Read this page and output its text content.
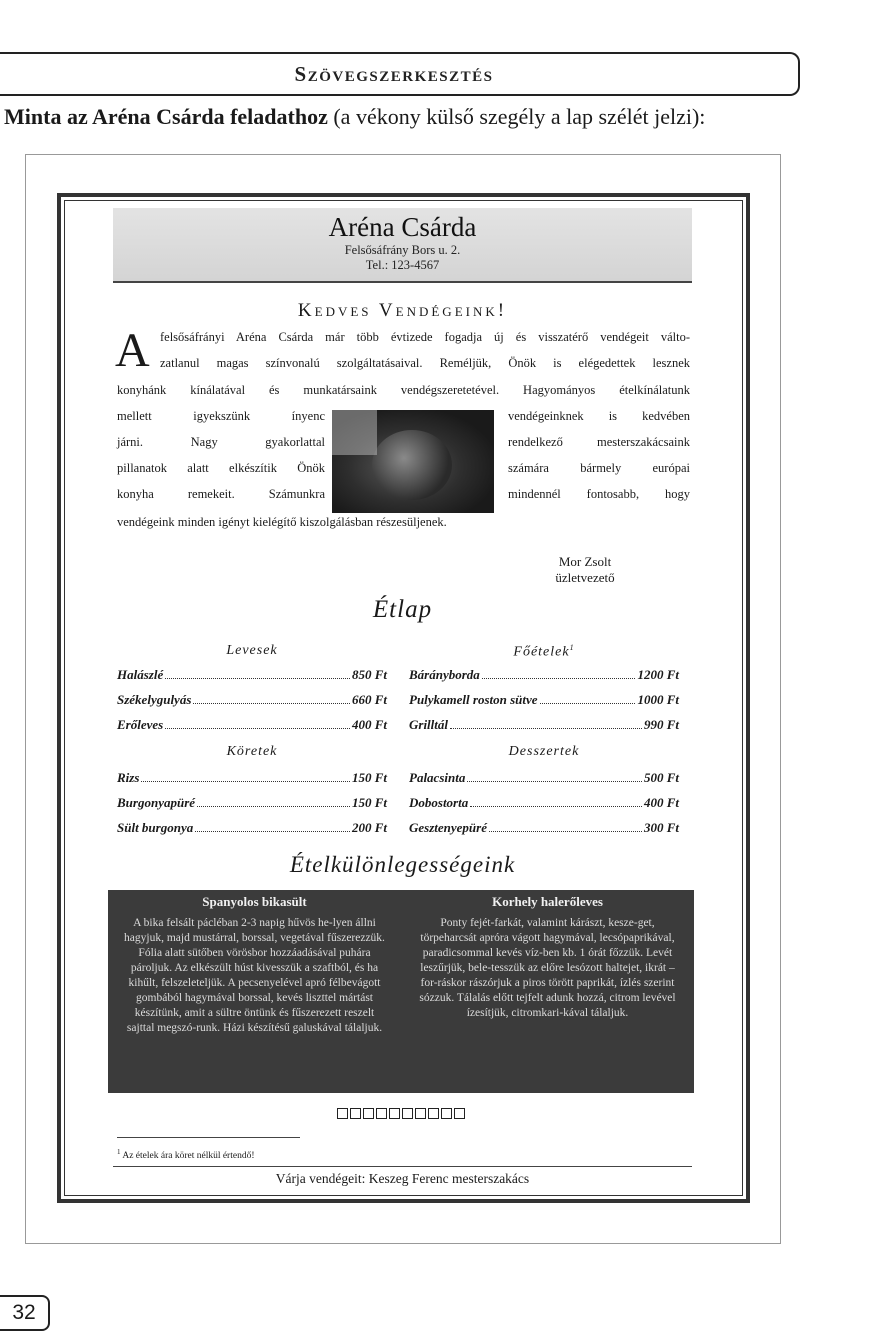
Szövegszerkesztés
Minta az Aréna Csárda feladathoz (a vékony külső szegély a lap szélét jelzi):
Aréna Csárda
Felsősáfrány Bors u. 2.
Tel.: 123-4567
Kedves Vendégeink!
A felsősáfrányi Aréna Csárda már több évtizede fogadja új és visszatérő vendégeit válto-
zatlanul magas színvonalú szolgáltatásaival. Reméljük, Önök is elégedettek lesznek
konyhánk kínálatával és munkatársaink vendégszeretetével. Hagyományos ételkínálatunk
mellett igyekszünk ínyenc
járni. Nagy gyakorlattal
pillanatok alatt elkészítik Önök
konyha remekeit. Számunkra
vendégeinknek is kedvében
rendelkező mesterszakácsaink
számára bármely európai
mindennél fontosabb, hogy
vendégeink minden igényt kielégítő kiszolgálásban részesüljenek.
Mor Zsolt
üzletvezető
Étlap
Levesek	Főételek$^1$
Halászlé	850 Ft
Székelygulyás	660 Ft
Erőleves	400 Ft
Bárányborda	1200 Ft
Pulykamell roston sütve	1000 Ft
Grilltál	990 Ft
Köretek	Desszertek
Rizs	150 Ft
Burgonyapüré	150 Ft
Sült burgonya	200 Ft
Palacsinta	500 Ft
Dobostorta	400 Ft
Gesztenyepüré	300 Ft
Ételkülönlegességeink
Spanyolos bikasült
A bika felsált pácléban 2-3 napig hűvös he-lyen állni hagyjuk, majd mustárral, borssal, vegetával fűszerezzük. Fólia alatt sütőben vörösbor hozzáadásával puhára pároljuk. Az elkészült húst kivesszük a szaftból, és ha kihűlt, felszeleteljük. A pecsenyelével apró félbevágott gombából hagymával borssal, kevés liszttel mártást készítünk, amit a sültre öntünk és fűszerezett reszelt sajttal megszó-runk. Házi készítésű galuskával tálaljuk.
Korhely halerőleves
Ponty fejét-farkát, valamint kárászt, kesze-get, törpeharcsát apróra vágott hagymával, lecsópaprikával, paradicsommal kevés víz-ben kb. 1 órát főzzük. Levét leszűrjük, bele-tesszük az előre lesózott haltejet, ikrát – for-ráskor rászórjuk a piros törött paprikát, ízlés szerint sózzuk. Tálalás előtt tejfelt adunk hozzá, citrom levével ízesítjük, citromkari-kával tálaljuk.
$^1$ Az ételek ára köret nélkül értendő!
Várja vendégeit: Keszeg Ferenc mesterszakács
32
